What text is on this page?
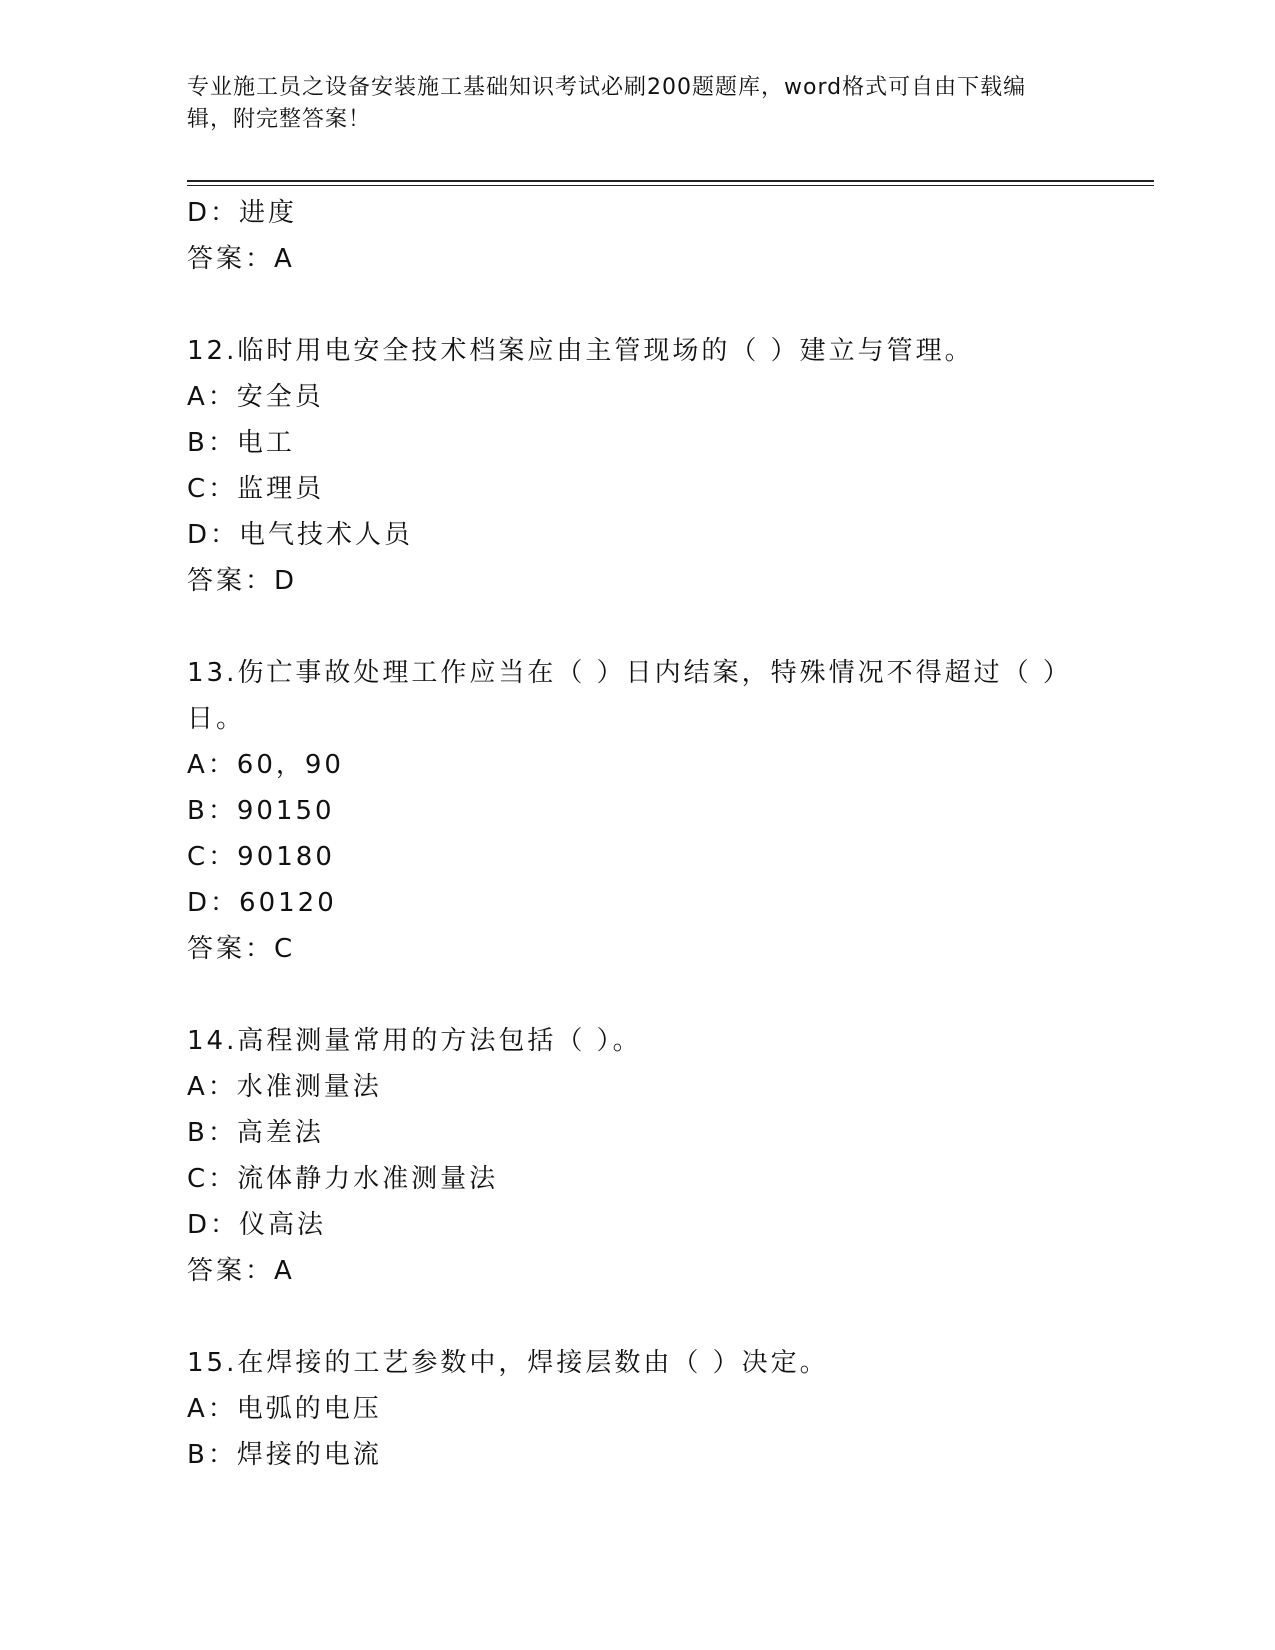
专业施工员之设备安装施工基础知识考试必刷200题题库，word格式可自由下载编辑，附完整答案！
D：进度
答案：A
12.临时用电安全技术档案应由主管现场的（ ）建立与管理。
A：安全员
B：电工
C：监理员
D：电气技术人员
答案：D
13.伤亡事故处理工作应当在（ ）日内结案，特殊情况不得超过（ ）
日。
A：60，90
B：90150
C：90180
D：60120
答案：C
14.高程测量常用的方法包括（ ）。
A：水准测量法
B：高差法
C：流体静力水准测量法
D：仪高法
答案：A
15.在焊接的工艺参数中，焊接层数由（ ）决定。
A：电弧的电压
B：焊接的电流
